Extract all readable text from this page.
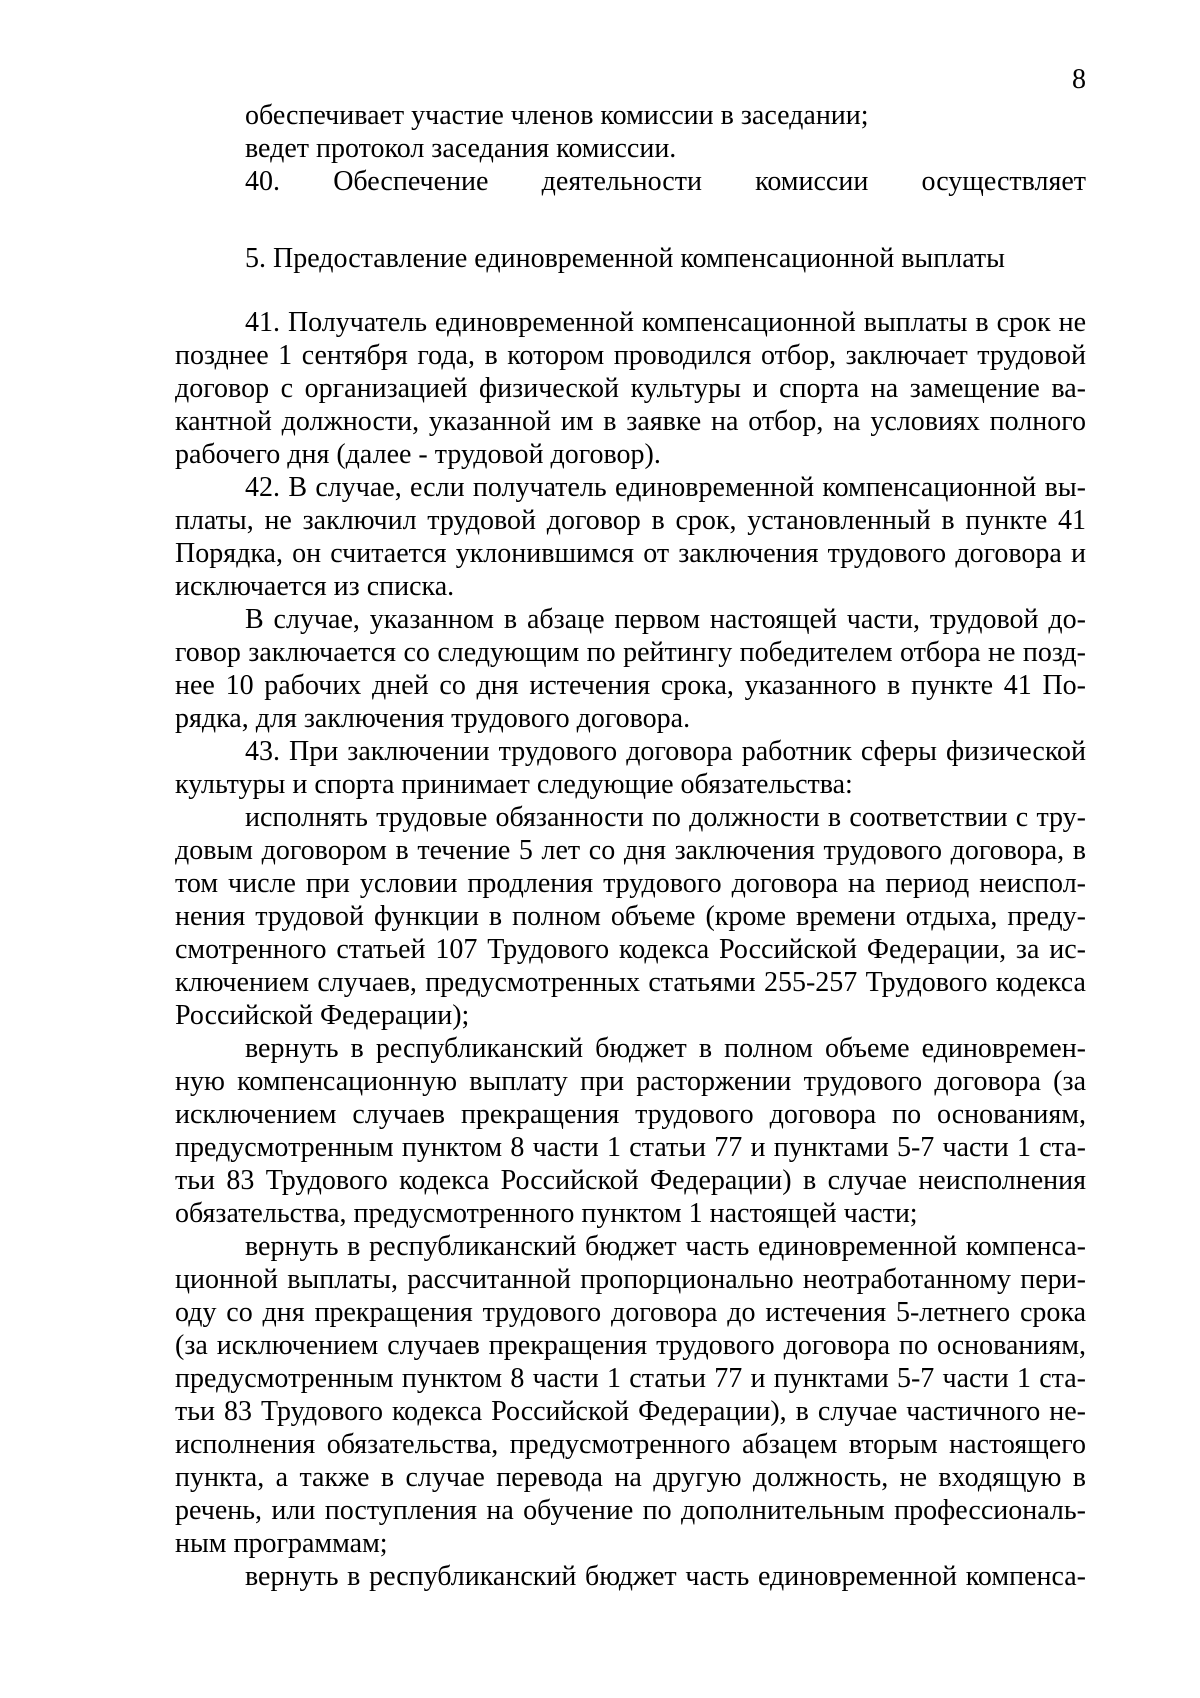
8
обеспечивает участие членов комиссии в заседании;
ведет протокол заседания комиссии.
40. Обеспечение деятельности комиссии осуществляет
5. Предоставление единовременной компенсационной выплаты
41. Получатель единовременной компенсационной выплаты в срок не
позднее 1 сентября года, в котором проводился отбор, заключает трудовой
договор с организацией физической культуры и спорта на замещение ва-
кантной должности, указанной им в заявке на отбор, на условиях полного
рабочего дня (далее - трудовой договор).
42. В случае, если получатель единовременной компенсационной вы-
платы, не заключил трудовой договор в срок, установленный в пункте 41
Порядка, он считается уклонившимся от заключения трудового договора и
исключается из списка.
В случае, указанном в абзаце первом настоящей части, трудовой до-
говор заключается со следующим по рейтингу победителем отбора не позд-
нее 10 рабочих дней со дня истечения срока, указанного в пункте 41 По-
рядка, для заключения трудового договора.
43. При заключении трудового договора работник сферы физической
культуры и спорта принимает следующие обязательства:
исполнять трудовые обязанности по должности в соответствии с тру-
довым договором в течение 5 лет со дня заключения трудового договора, в
том числе при условии продления трудового договора на период неиспол-
нения трудовой функции в полном объеме (кроме времени отдыха, преду-
смотренного статьей 107 Трудового кодекса Российской Федерации, за ис-
ключением случаев, предусмотренных статьями 255-257 Трудового кодекса
Российской Федерации);
вернуть в республиканский бюджет в полном объеме единовремен-
ную компенсационную выплату при расторжении трудового договора (за
исключением случаев прекращения трудового договора по основаниям,
предусмотренным пунктом 8 части 1 статьи 77 и пунктами 5-7 части 1 ста-
тьи 83 Трудового кодекса Российской Федерации) в случае неисполнения
обязательства, предусмотренного пунктом 1 настоящей части;
вернуть в республиканский бюджет часть единовременной компенса-
ционной выплаты, рассчитанной пропорционально неотработанному пери-
оду со дня прекращения трудового договора до истечения 5-летнего срока
(за исключением случаев прекращения трудового договора по основаниям,
предусмотренным пунктом 8 части 1 статьи 77 и пунктами 5-7 части 1 ста-
тьи 83 Трудового кодекса Российской Федерации), в случае частичного не-
исполнения обязательства, предусмотренного абзацем вторым настоящего
пункта, а также в случае перевода на другую должность, не входящую в
речень, или поступления на обучение по дополнительным профессиональ-
ным программам;
вернуть в республиканский бюджет часть единовременной компенса-
